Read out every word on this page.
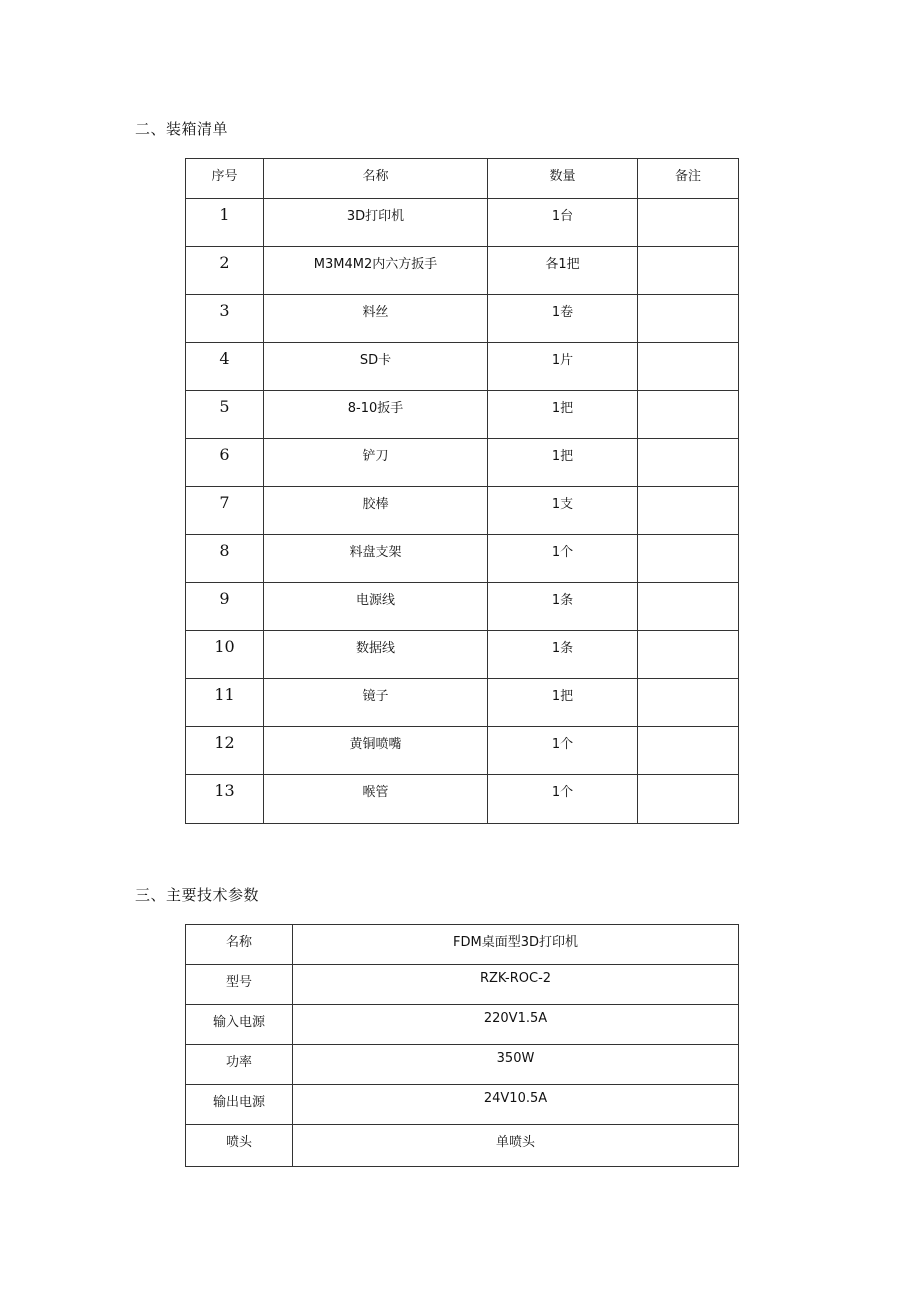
二、装箱清单
序号	名称	数量	备注
1	3D打印机	1台	
2	M3M4M2内六方扳手	各1把	
3	料丝	1卷	
4	SD卡	1片	
5	8-10扳手	1把	
6	铲刀	1把	
7	胶棒	1支	
8	料盘支架	1个	
9	电源线	1条	
10	数据线	1条	
11	镜子	1把	
12	黄铜喷嘴	1个	
13	喉管	1个	
三、主要技术参数
名称	FDM桌面型3D打印机
型号	RZK-ROC-2
输入电源	220V1.5A
功率	350W
输出电源	24V10.5A
喷头	单喷头
